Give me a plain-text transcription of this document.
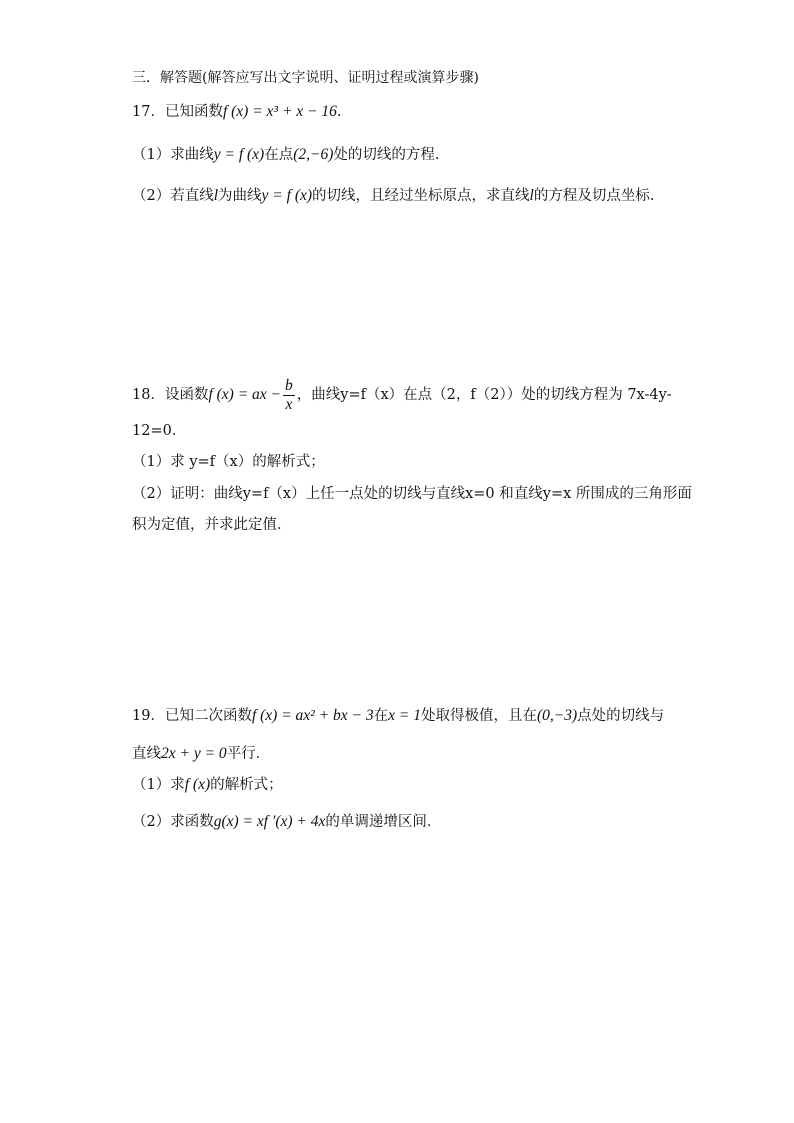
三．解答题(解答应写出文字说明、证明过程或演算步骤)
17．已知函数f (x) = x³ + x − 16.
（1）求曲线y = f (x)在点(2,−6)处的切线的方程.
（2）若直线l为曲线y = f (x)的切线，且经过坐标原点，求直线l的方程及切点坐标.
18．设函数f (x) = ax − $\frac{b}{x}$ ，曲线y=f（x）在点（2，f（2））处的切线方程为 7x-4y-
12=0．
（1）求 y=f（x）的解析式；
（2）证明：曲线y=f（x）上任一点处的切线与直线x=0 和直线y=x 所围成的三角形面
积为定值，并求此定值．
19．已知二次函数f (x) = ax² + bx − 3在x = 1处取得极值，且在(0,−3)点处的切线与
直线2x + y = 0平行．
（1）求f (x)的解析式；
（2）求函数g(x) = xf ′(x) + 4x的单调递增区间．
